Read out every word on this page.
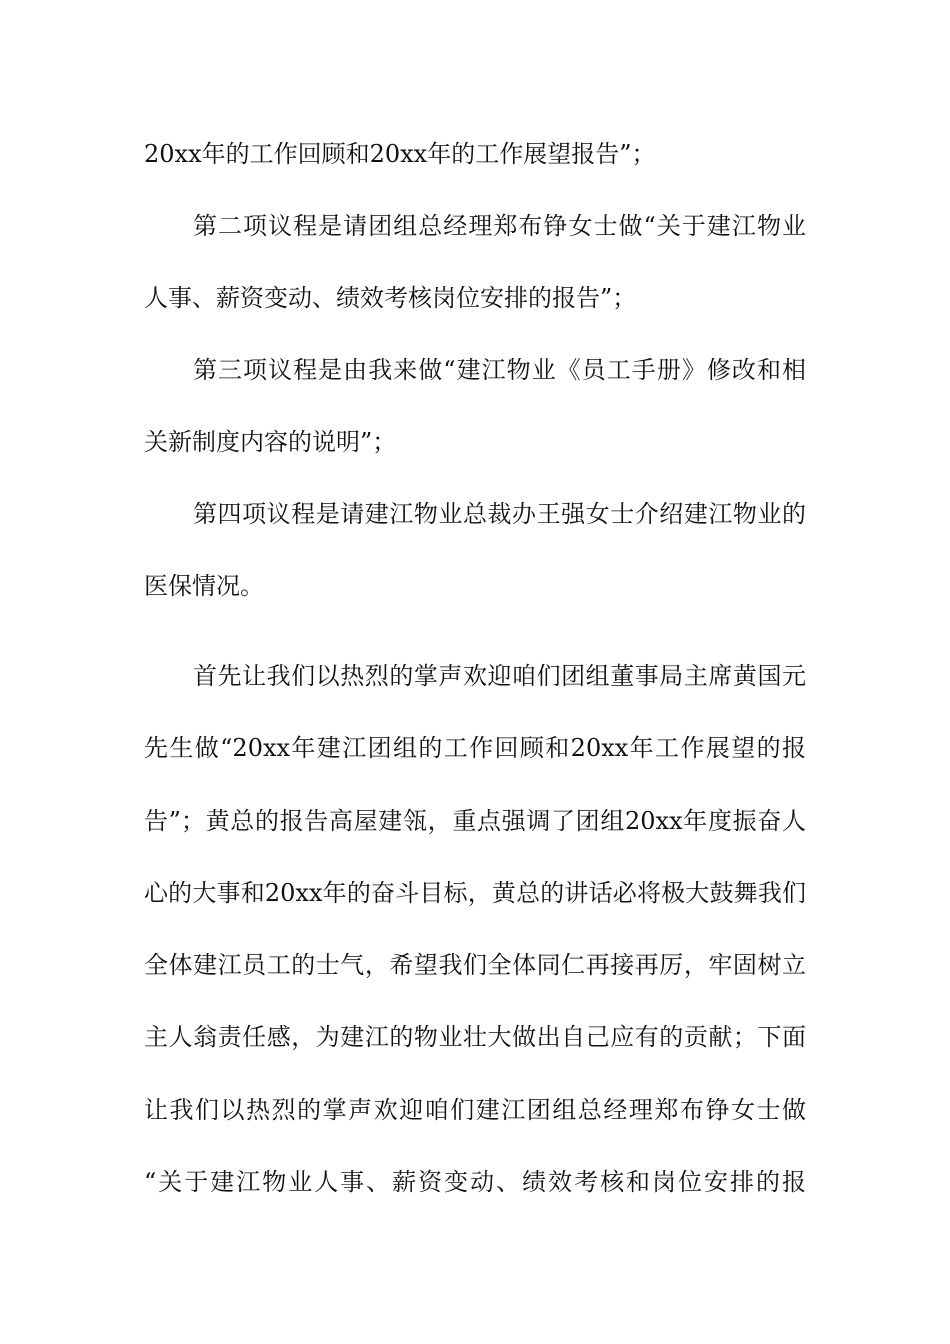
20xx年的工作回顾和20xx年的工作展望报告”；
第二项议程是请团组总经理郑布铮女士做“关于建江物业
人事、薪资变动、绩效考核岗位安排的报告”；
第三项议程是由我来做“建江物业《员工手册》修改和相
关新制度内容的说明”；
第四项议程是请建江物业总裁办王强女士介绍建江物业的
医保情况。
首先让我们以热烈的掌声欢迎咱们团组董事局主席黄国元
先生做“20xx年建江团组的工作回顾和20xx年工作展望的报
告”；黄总的报告高屋建瓴，重点强调了团组20xx年度振奋人
心的大事和20xx年的奋斗目标，黄总的讲话必将极大鼓舞我们
全体建江员工的士气，希望我们全体同仁再接再厉，牢固树立
主人翁责任感，为建江的物业壮大做出自己应有的贡献；下面
让我们以热烈的掌声欢迎咱们建江团组总经理郑布铮女士做
“关于建江物业人事、薪资变动、绩效考核和岗位安排的报
